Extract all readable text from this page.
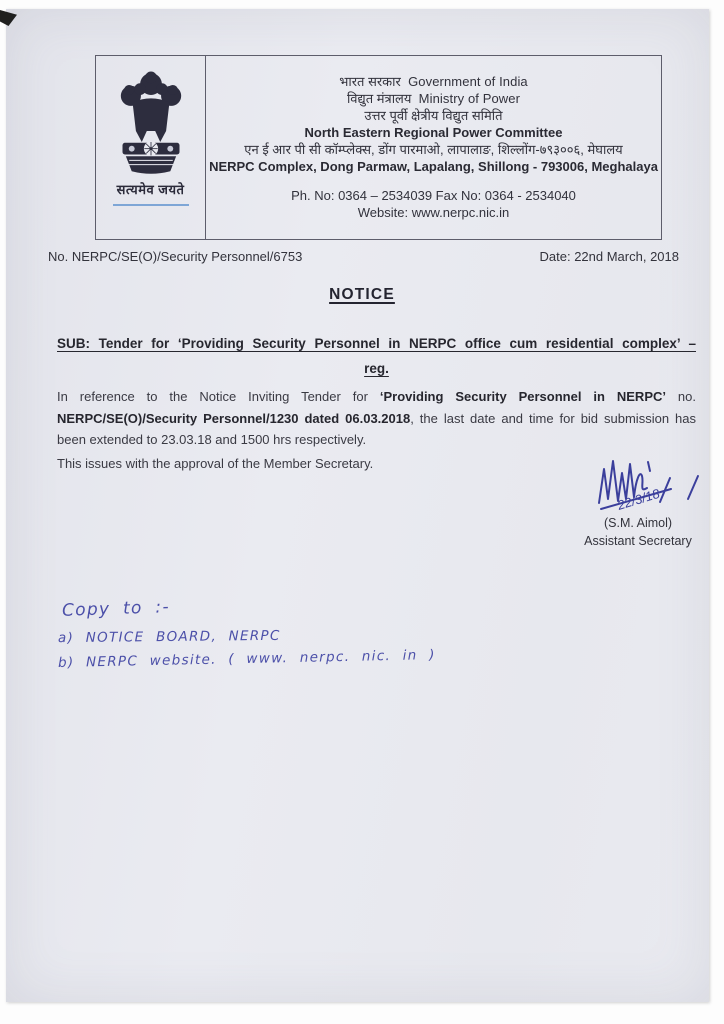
सत्यमेव जयते
भारत सरकार Government of India
विद्युत मंत्रालय Ministry of Power
उत्तर पूर्वी क्षेत्रीय विद्युत समिति
North Eastern Regional Power Committee
एन ई आर पी सी कॉम्प्लेक्स, डोंग पारमाओ, लापालाङ, शिल्लोंग-७९३००६, मेघालय
NERPC Complex, Dong Parmaw, Lapalang, Shillong - 793006, Meghalaya
Ph. No: 0364 – 2534039 Fax No: 0364 - 2534040
Website: www.nerpc.nic.in
No. NERPC/SE(O)/Security Personnel/6753	Date: 22nd March, 2018
NOTICE
SUB: Tender for ‘Providing Security Personnel in NERPC office cum residential complex’ –
reg.
In reference to the Notice Inviting Tender for ‘Providing Security Personnel in NERPC’ no. NERPC/SE(O)/Security Personnel/1230 dated 06.03.2018, the last date and time for bid submission has been extended to 23.03.18 and 1500 hrs respectively.
This issues with the approval of the Member Secretary.
22/3/18
(S.M. Aimol)
Assistant Secretary
Copy to :-
a) NOTICE BOARD, NERPC
b) NERPC website. ( www. nerpc. nic. in )
